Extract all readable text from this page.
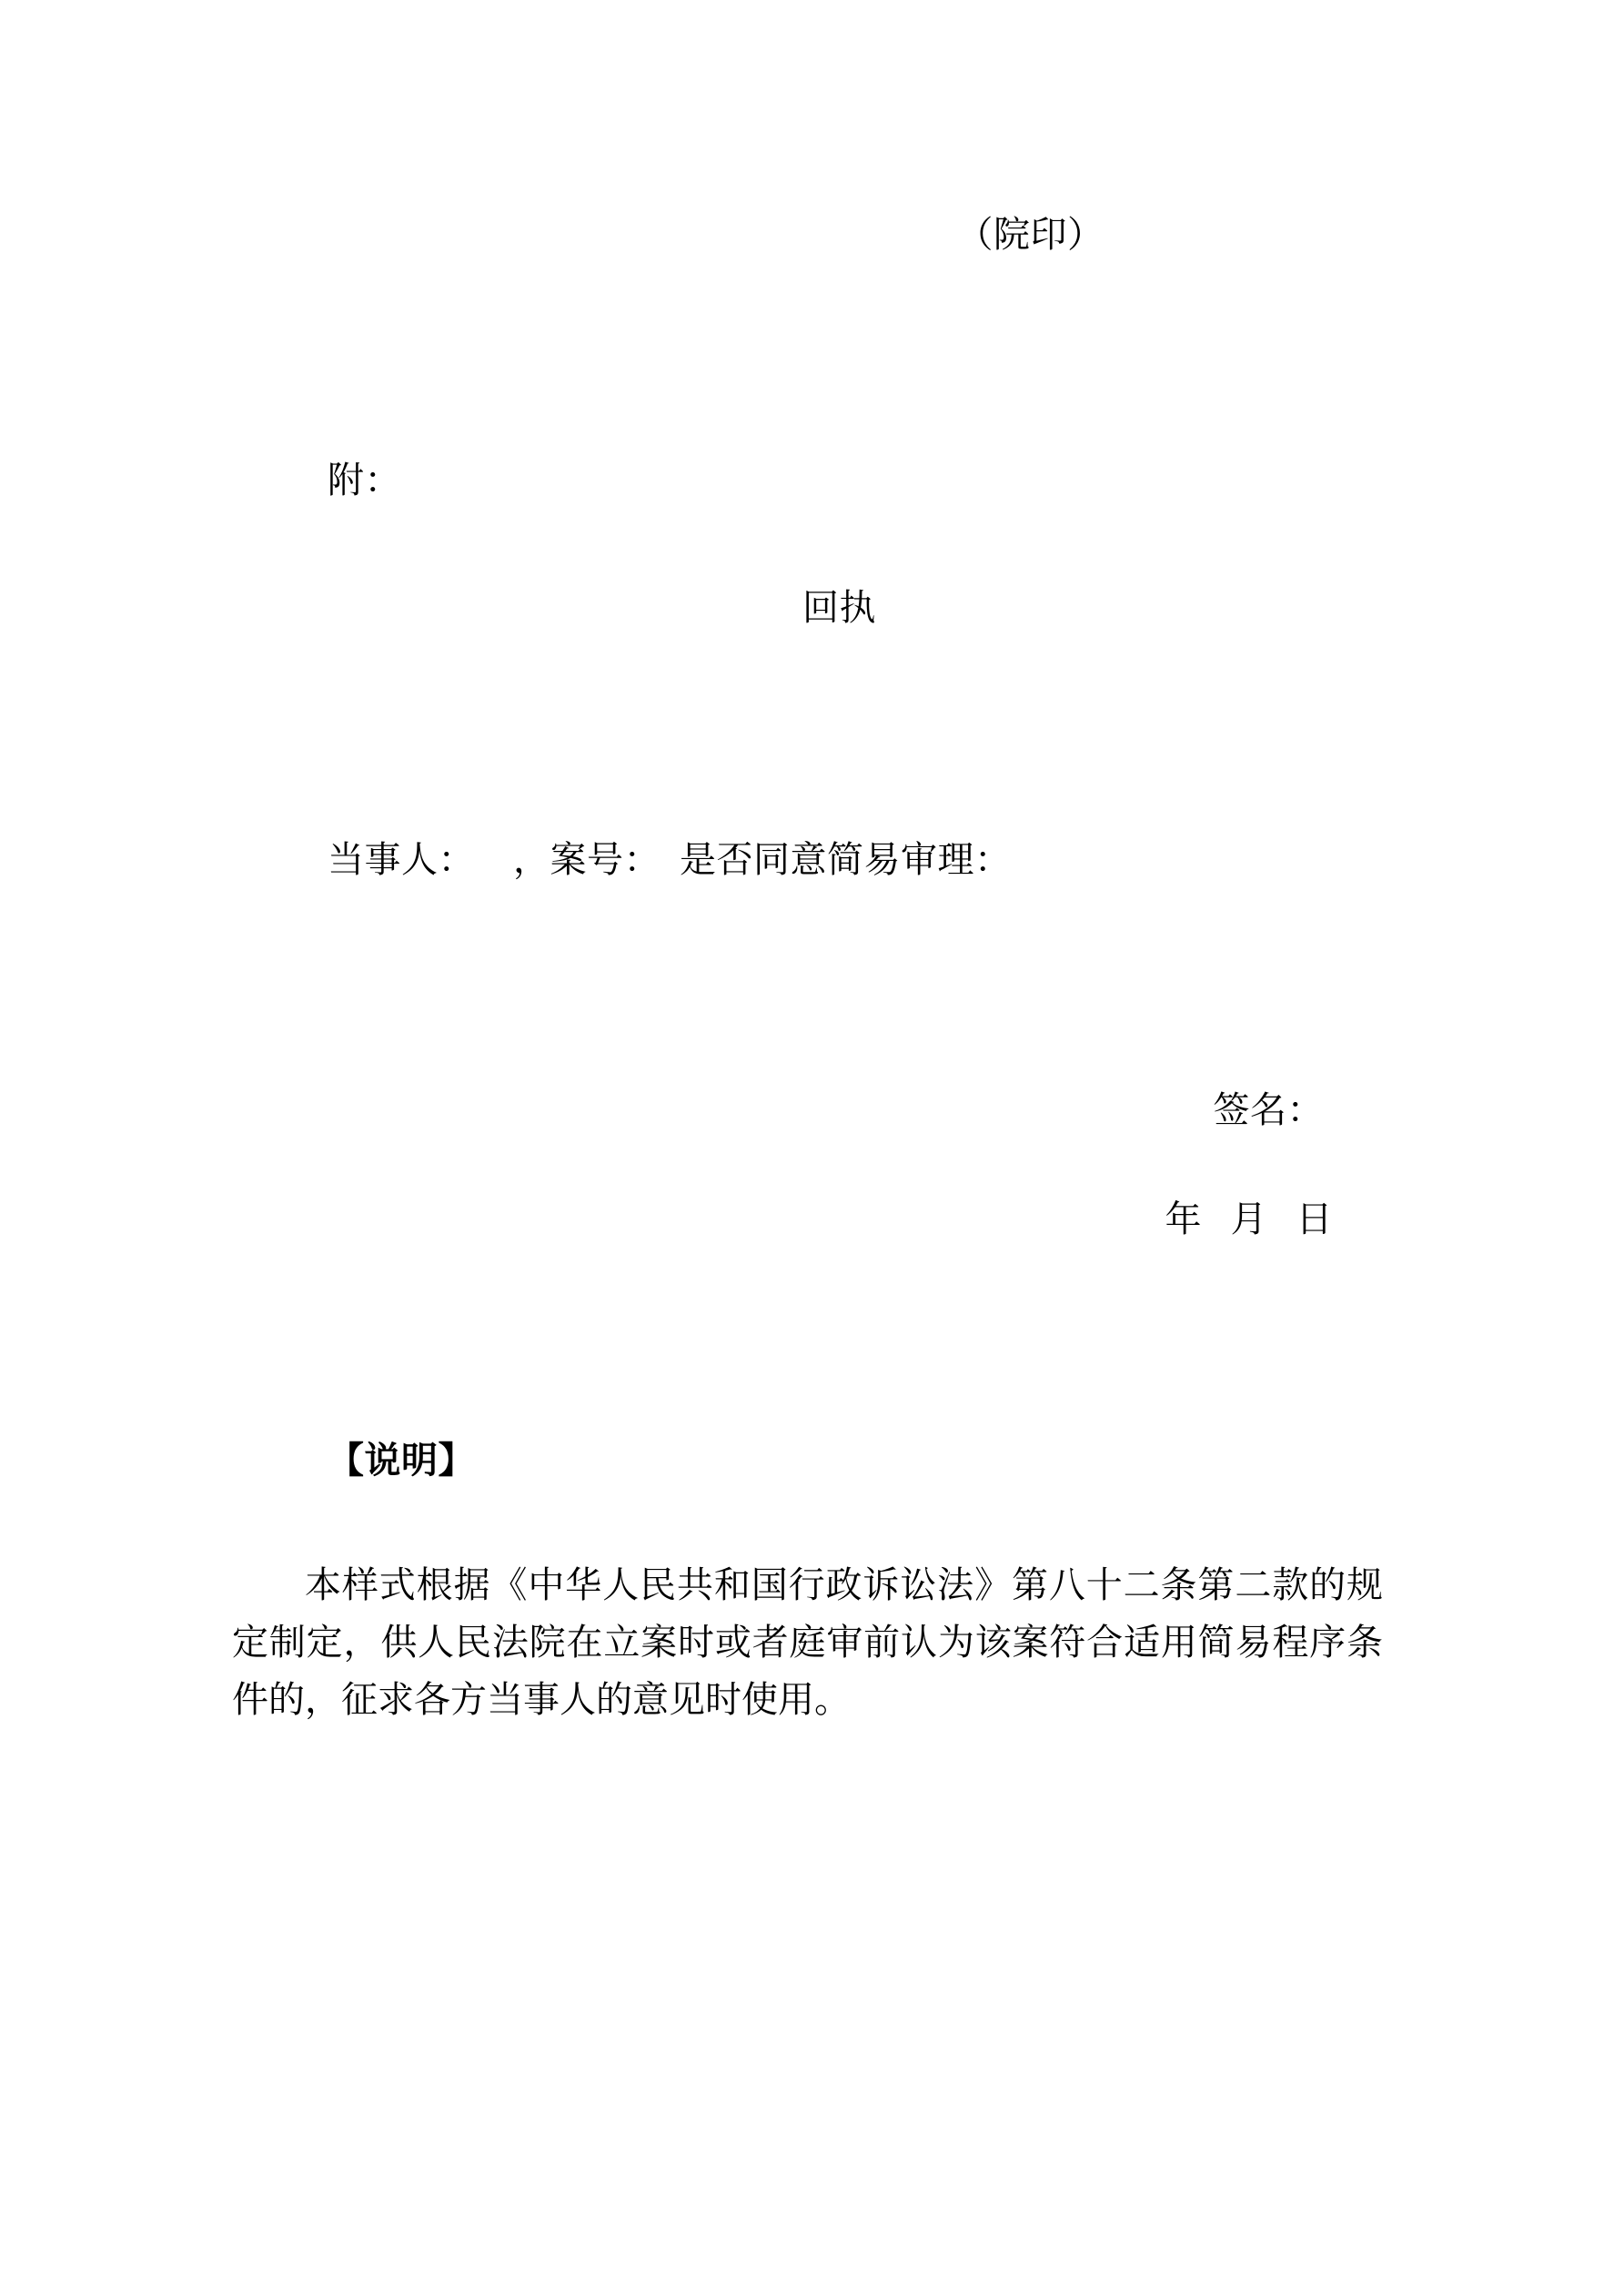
（院印）
附：
回执
当事人：    ，案号：  是否同意简易审理：
签名：
年   月   日
【说明】

本样式根据《中华人民共和国行政诉讼法》第八十二条第二款的规定制定，供人民法院在立案时或者庭审前认为该案符合适用简易程序条件的，征求各方当事人的意见时使用。
